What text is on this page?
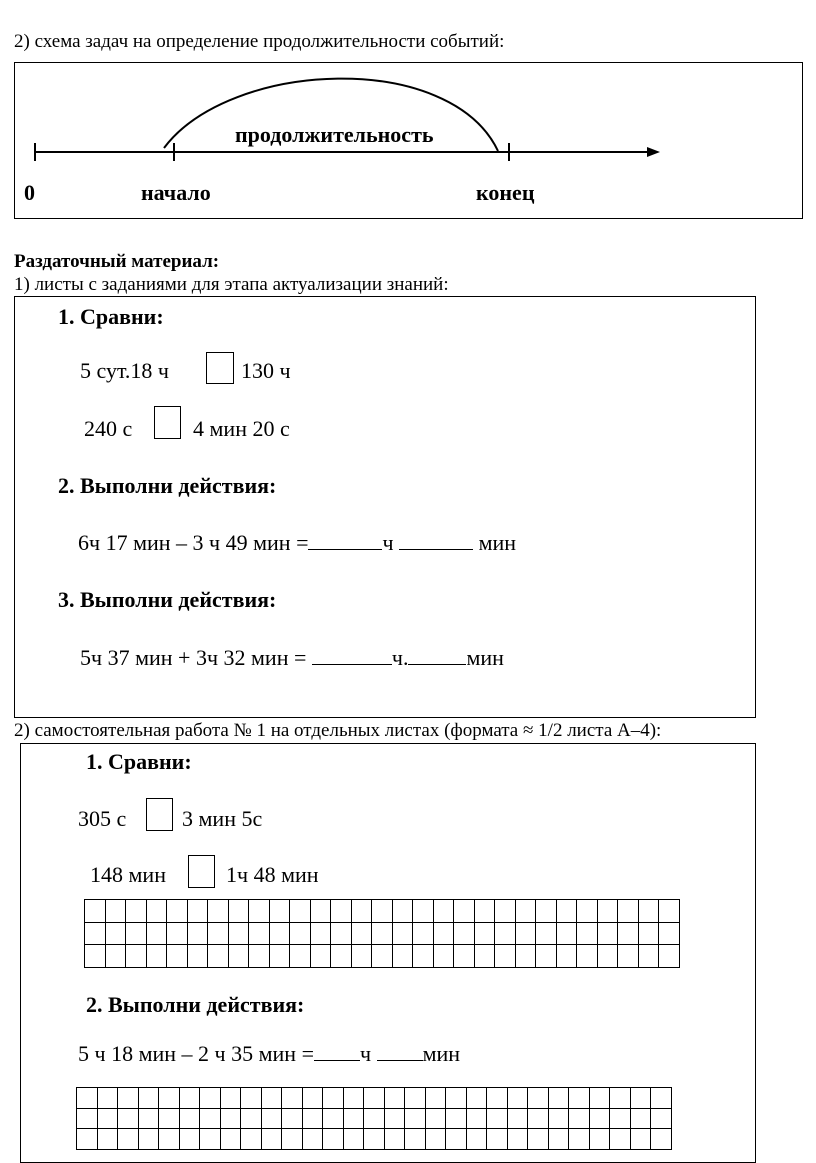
2) схема задач на определение продолжительности событий:
продолжительность
0	начало	конец
Раздаточный материал:
1) листы с заданиями для этапа актуализации знаний:
1. Сравни:
5 сут.18 ч	130 ч
240 с	4 мин 20 с
2. Выполни действия:
6ч 17 мин – 3 ч 49 мин =	ч	мин
3. Выполни действия:
5ч 37 мин + 3ч 32 мин =	ч.	мин
2) самостоятельная работа № 1 на отдельных листах (формата ≈ 1/2 листа А–4):
1. Сравни:
305 с	3 мин 5с
148 мин	1ч 48 мин

2. Выполни действия:
5 ч 18 мин – 2 ч 35 мин = ч мин
